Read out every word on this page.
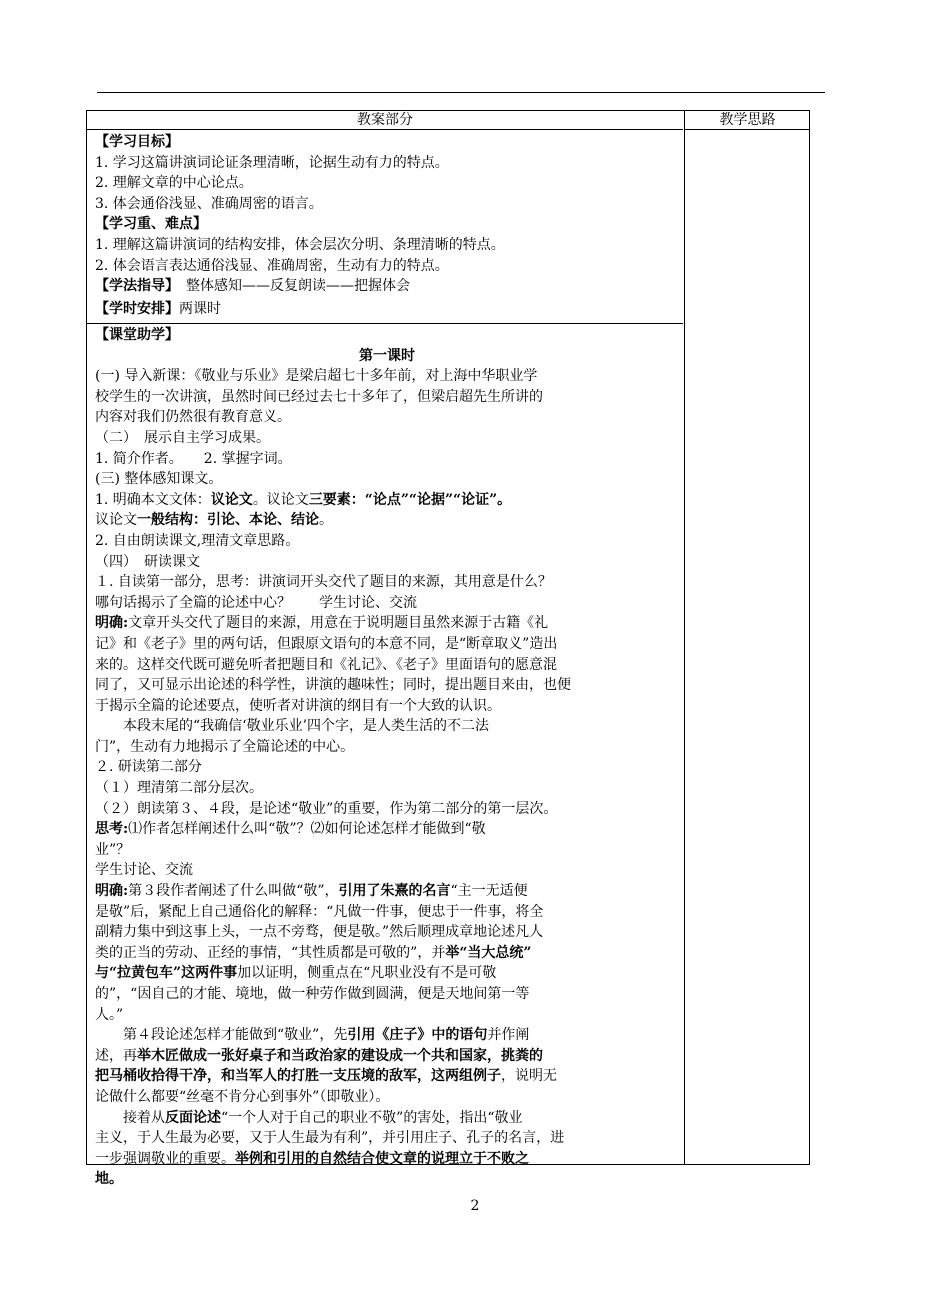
教案部分
【学习目标】
1. 学习这篇讲演词论证条理清晰，论据生动有力的特点。
2. 理解文章的中心论点。
3. 体会通俗浅显、准确周密的语言。
【学习重、难点】
1. 理解这篇讲演词的结构安排，体会层次分明、条理清晰的特点。
2. 体会语言表达通俗浅显、准确周密，生动有力的特点。
【学法指导】　整体感知——反复朗读——把握体会
【学时安排】两课时
【课堂助学】
第一课时
(一) 导入新课：《敬业与乐业》是梁启超七十多年前，对上海中华职业学
校学生的一次讲演，虽然时间已经过去七十多年了，但梁启超先生所讲的
内容对我们仍然很有教育意义。
（二）　展示自主学习成果。
1. 简介作者。　　2. 掌握字词。
(三) 整体感知课文。
1. 明确本文文体：议论文。议论文三要素：“论点”“论据”“论证”。
议论文一般结构：引论、本论、结论。
2. 自由朗读课文,理清文章思路。
（四）　研读课文
１. 自读第一部分，思考：讲演词开头交代了题目的来源，其用意是什么？
哪句话揭示了全篇的论述中心？　　学生讨论、交流
明确:文章开头交代了题目的来源，用意在于说明题目虽然来源于古籍《礼
记》和《老子》里的两句话，但跟原文语句的本意不同，是“断章取义”造出
来的。这样交代既可避免听者把题目和《礼记》、《老子》里面语句的愿意混
同了，又可显示出论述的科学性，讲演的趣味性；同时，提出题目来由，也便
于揭示全篇的论述要点，使听者对讲演的纲目有一个大致的认识。
　　本段末尾的“我确信‘敬业乐业’四个字，是人类生活的不二法
门”，生动有力地揭示了全篇论述的中心。
２. 研读第二部分
（１）理清第二部分层次。
（２）朗读第３、４段，是论述“敬业”的重要，作为第二部分的第一层次。
思考:⑴作者怎样阐述什么叫“敬”？⑵如何论述怎样才能做到“敬
业”？
学生讨论、交流
明确:第３段作者阐述了什么叫做“敬”，引用了朱熹的名言“主一无适便
是敬”后，紧配上自己通俗化的解释：“凡做一件事，便忠于一件事，将全
副精力集中到这事上头，一点不旁骛，便是敬。”然后顺理成章地论述凡人
类的正当的劳动、正经的事情，“其性质都是可敬的”，并举“当大总统”
与“拉黄包车”这两件事加以证明，侧重点在“凡职业没有不是可敬
的”，“因自己的才能、境地，做一种劳作做到圆满，便是天地间第一等
人。”
　　第４段论述怎样才能做到“敬业”，先引用《庄子》中的语句并作阐
述，再举木匠做成一张好桌子和当政治家的建设成一个共和国家，挑粪的
把马桶收拾得干净，和当军人的打胜一支压境的敌军，这两组例子，说明无
论做什么都要“丝毫不肯分心到事外”（即敬业）。
　　接着从反面论述“一个人对于自己的职业不敬”的害处，指出“敬业
主义，于人生最为必要，又于人生最为有利”，并引用庄子、孔子的名言，进
一步强调敬业的重要。举例和引用的自然结合使文章的说理立于不败之
地。
教学思路
2
